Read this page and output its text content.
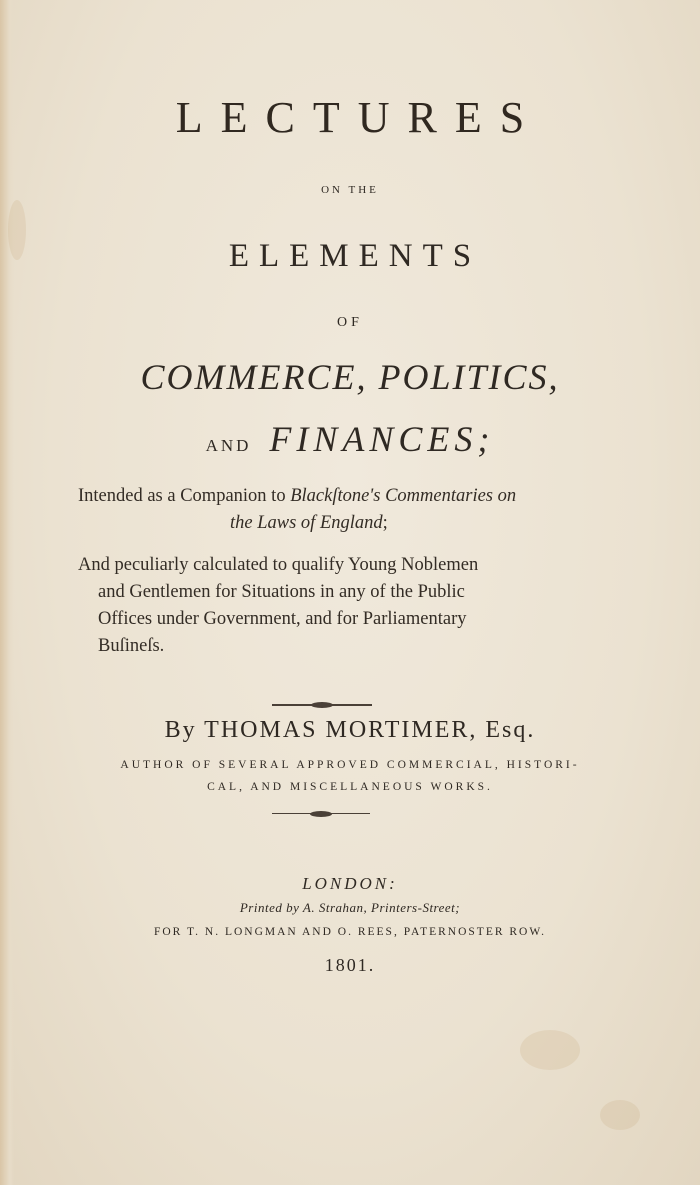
LECTURES
ON THE
ELEMENTS
OF
COMMERCE, POLITICS,
AND FINANCES;
Intended as a Companion to Blackſtone's Commentaries on
the Laws of England;
And peculiarly calculated to qualify Young Noblemen
and Gentlemen for Situations in any of the Public
Offices under Government, and for Parliamentary
Buſineſs.
By THOMAS MORTIMER, Esq.
AUTHOR OF SEVERAL APPROVED COMMERCIAL, HISTORI-
CAL, AND MISCELLANEOUS WORKS.
LONDON:
Printed by A. Strahan, Printers-Street;
FOR T. N. LONGMAN AND O. REES, PATERNOSTER ROW.
1801.
